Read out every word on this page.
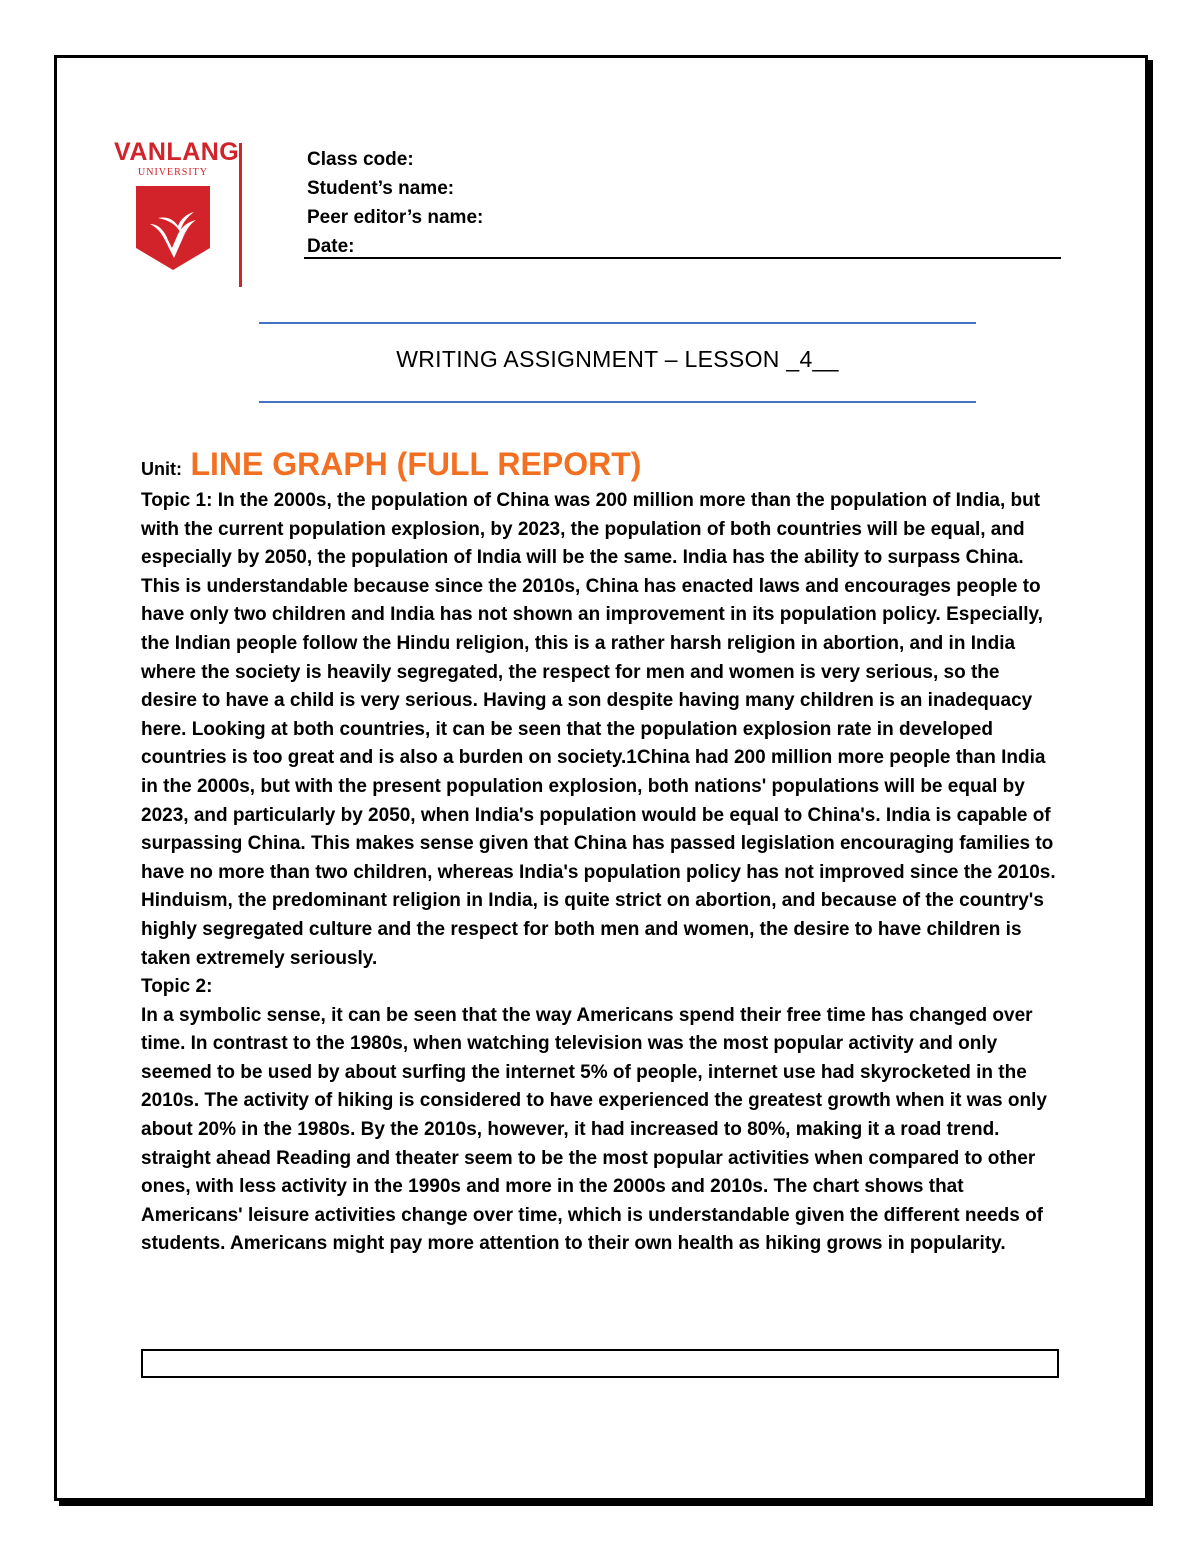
VANLANG
UNIVERSITY
Class code:
Student’s name:
Peer editor’s name:
Date:
WRITING ASSIGNMENT – LESSON _4__
Unit: LINE GRAPH (FULL REPORT)

Topic 1: In the 2000s, the population of China was 200 million more than the population of India, but with the current population explosion, by 2023, the population of both countries will be equal, and especially by 2050, the population of India will be the same. India has the ability to surpass China. This is understandable because since the 2010s, China has enacted laws and encourages people to have only two children and India has not shown an improvement in its population policy. Especially, the Indian people follow the Hindu religion, this is a rather harsh religion in abortion, and in India where the society is heavily segregated, the respect for men and women is very serious, so the desire to have a child is very serious. Having a son despite having many children is an inadequacy here. Looking at both countries, it can be seen that the population explosion rate in developed countries is too great and is also a burden on society.1China had 200 million more people than India in the 2000s, but with the present population explosion, both nations' populations will be equal by 2023, and particularly by 2050, when India's population would be equal to China's. India is capable of surpassing China. This makes sense given that China has passed legislation encouraging families to have no more than two children, whereas India's population policy has not improved since the 2010s. Hinduism, the predominant religion in India, is quite strict on abortion, and because of the country's highly segregated culture and the respect for both men and women, the desire to have children is taken extremely seriously.

Topic 2:

In a symbolic sense, it can be seen that the way Americans spend their free time has changed over time. In contrast to the 1980s, when watching television was the most popular activity and only seemed to be used by about surfing the internet 5% of people, internet use had skyrocketed in the 2010s. The activity of hiking is considered to have experienced the greatest growth when it was only about 20% in the 1980s. By the 2010s, however, it had increased to 80%, making it a road trend. straight ahead Reading and theater seem to be the most popular activities when compared to other ones, with less activity in the 1990s and more in the 2000s and 2010s. The chart shows that Americans' leisure activities change over time, which is understandable given the different needs of students. Americans might pay more attention to their own health as hiking grows in popularity.
